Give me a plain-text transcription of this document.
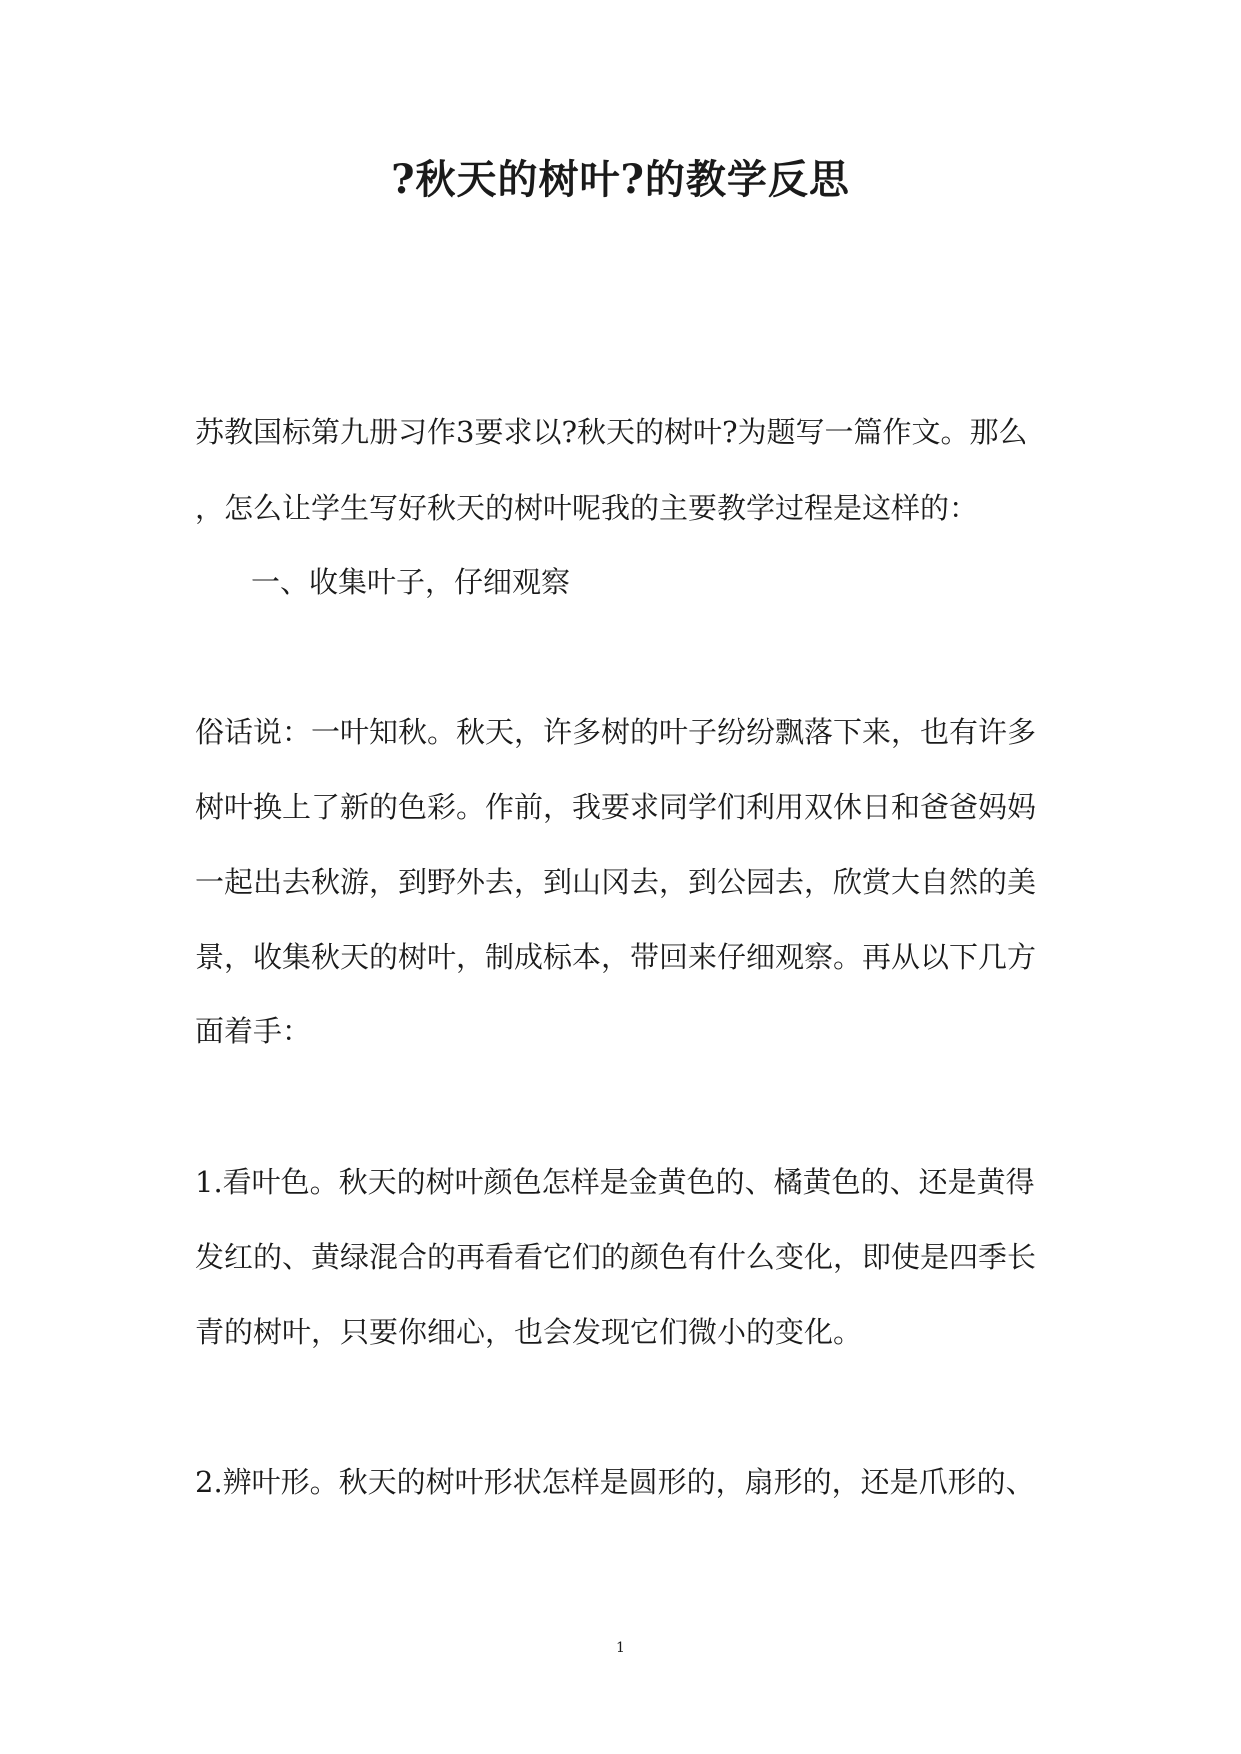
?秋天的树叶?的教学反思
苏教国标第九册习作3要求以?秋天的树叶?为题写一篇作文。那么
，怎么让学生写好秋天的树叶呢我的主要教学过程是这样的：
一、收集叶子，仔细观察
俗话说：一叶知秋。秋天，许多树的叶子纷纷飘落下来，也有许多
树叶换上了新的色彩。作前，我要求同学们利用双休日和爸爸妈妈
一起出去秋游，到野外去，到山冈去，到公园去，欣赏大自然的美
景，收集秋天的树叶，制成标本，带回来仔细观察。再从以下几方
面着手：
1.看叶色。秋天的树叶颜色怎样是金黄色的、橘黄色的、还是黄得
发红的、黄绿混合的再看看它们的颜色有什么变化，即使是四季长
青的树叶，只要你细心，也会发现它们微小的变化。
2.辨叶形。秋天的树叶形状怎样是圆形的，扇形的，还是爪形的、
1
